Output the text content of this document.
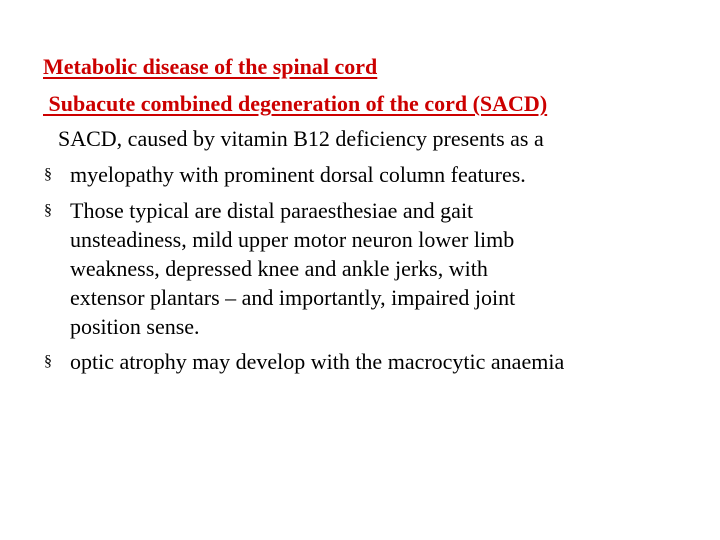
Metabolic disease of the spinal cord
Subacute combined degeneration of the cord (SACD)
SACD, caused by vitamin B12 deficiency presents as a
§ myelopathy with prominent dorsal column features.
§ Those typical are distal paraesthesiae and gait
unsteadiness, mild upper motor neuron lower limb
weakness, depressed knee and ankle jerks, with
extensor plantars – and importantly, impaired joint
position sense.
§ optic atrophy may develop with the macrocytic anaemia
